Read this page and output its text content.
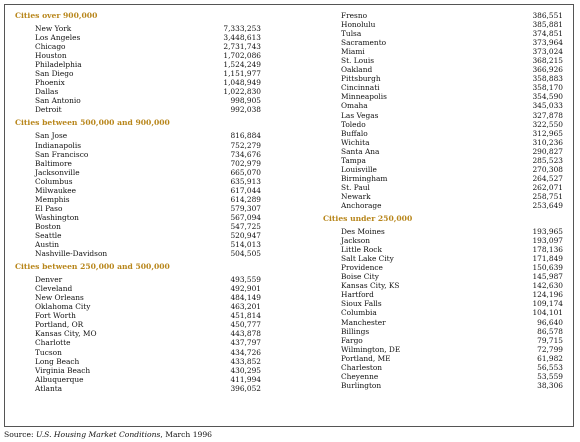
Cities over 900,000
New York	7,333,253
Los Angeles	3,448,613
Chicago	2,731,743
Houston	1,702,086
Philadelphia	1,524,249
San Diego	1,151,977
Phoenix	1,048,949
Dallas	1,022,830
San Antonio	998,905
Detroit	992,038
Cities between 500,000 and 900,000
San Jose	816,884
Indianapolis	752,279
San Francisco	734,676
Baltimore	702,979
Jacksonville	665,070
Columbus	635,913
Milwaukee	617,044
Memphis	614,289
El Paso	579,307
Washington	567,094
Boston	547,725
Seattle	520,947
Austin	514,013
Nashville-Davidson	504,505
Cities between 250,000 and 500,000
Denver	493,559
Cleveland	492,901
New Orleans	484,149
Oklahoma City	463,201
Fort Worth	451,814
Portland, OR	450,777
Kansas City, MO	443,878
Charlotte	437,797
Tucson	434,726
Long Beach	433,852
Virginia Beach	430,295
Albuquerque	411,994
Atlanta	396,052
Fresno	386,551
Honolulu	385,881
Tulsa	374,851
Sacramento	373,964
Miami	373,024
St. Louis	368,215
Oakland	366,926
Pittsburgh	358,883
Cincinnati	358,170
Minneapolis	354,590
Omaha	345,033
Las Vegas	327,878
Toledo	322,550
Buffalo	312,965
Wichita	310,236
Santa Ana	290,827
Tampa	285,523
Louisville	270,308
Birmingham	264,527
St. Paul	262,071
Newark	258,751
Anchorage	253,649
Cities under 250,000
Des Moines	193,965
Jackson	193,097
Little Rock	178,136
Salt Lake City	171,849
Providence	150,639
Boise City	145,987
Kansas City, KS	142,630
Hartford	124,196
Sioux Falls	109,174
Columbia	104,101
Manchester	96,640
Billings	86,578
Fargo	79,715
Wilmington, DE	72,799
Portland, ME	61,982
Charleston	56,553
Cheyenne	53,559
Burlington	38,306
Source: U.S. Housing Market Conditions, March 1996
